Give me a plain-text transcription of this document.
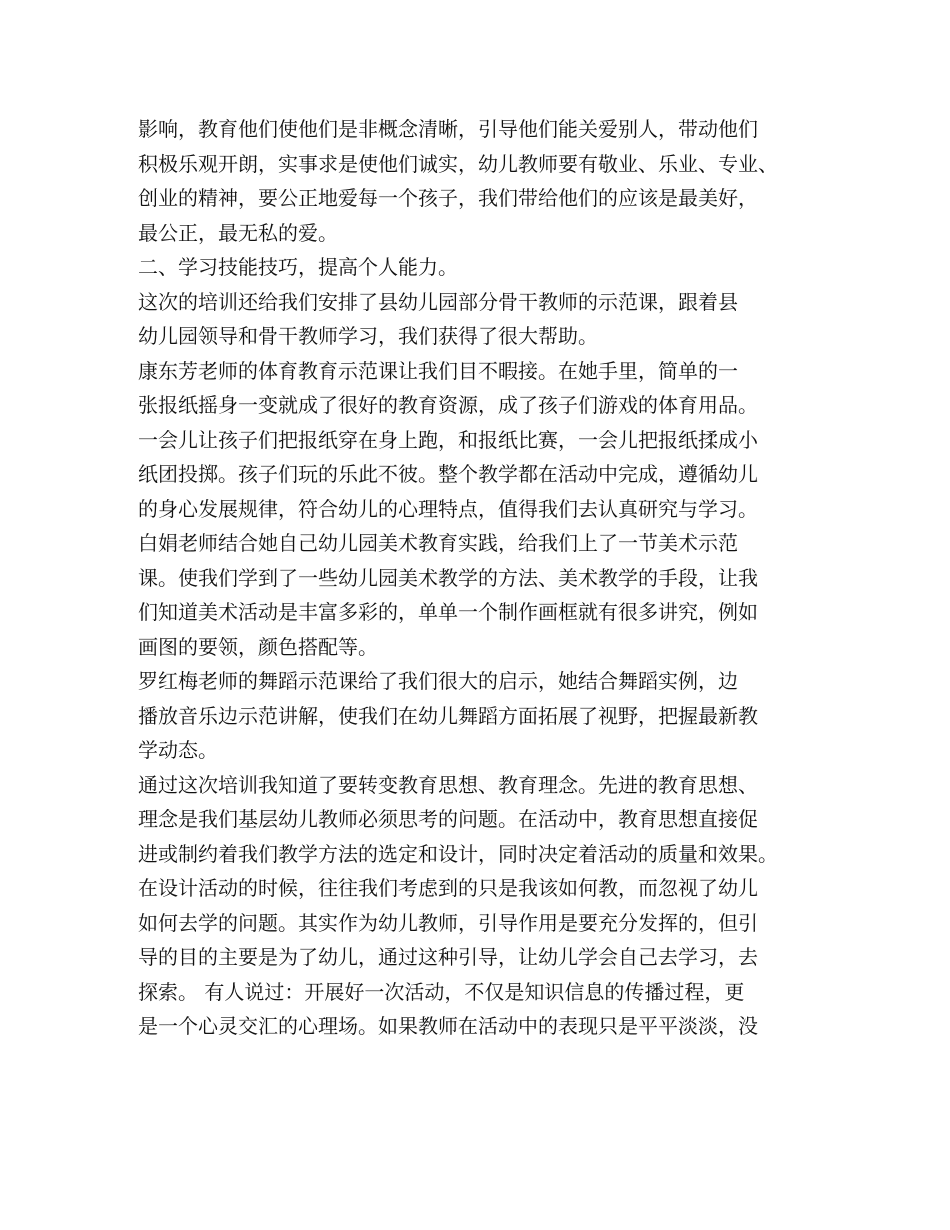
影响，教育他们使他们是非概念清晰，引导他们能关爱别人，带动他们
积极乐观开朗，实事求是使他们诚实，幼儿教师要有敬业、乐业、专业、
创业的精神，要公正地爱每一个孩子，我们带给他们的应该是最美好，
最公正，最无私的爱。
二、学习技能技巧，提高个人能力。
这次的培训还给我们安排了县幼儿园部分骨干教师的示范课，跟着县
幼儿园领导和骨干教师学习，我们获得了很大帮助。
康东芳老师的体育教育示范课让我们目不暇接。在她手里，简单的一
张报纸摇身一变就成了很好的教育资源，成了孩子们游戏的体育用品。
一会儿让孩子们把报纸穿在身上跑，和报纸比赛，一会儿把报纸揉成小
纸团投掷。孩子们玩的乐此不彼。整个教学都在活动中完成，遵循幼儿
的身心发展规律，符合幼儿的心理特点，值得我们去认真研究与学习。
白娟老师结合她自己幼儿园美术教育实践，给我们上了一节美术示范
课。使我们学到了一些幼儿园美术教学的方法、美术教学的手段，让我
们知道美术活动是丰富多彩的，单单一个制作画框就有很多讲究，例如
画图的要领，颜色搭配等。
罗红梅老师的舞蹈示范课给了我们很大的启示，她结合舞蹈实例，边
播放音乐边示范讲解，使我们在幼儿舞蹈方面拓展了视野，把握最新教
学动态。
通过这次培训我知道了要转变教育思想、教育理念。先进的教育思想、
理念是我们基层幼儿教师必须思考的问题。在活动中，教育思想直接促
进或制约着我们教学方法的选定和设计，同时决定着活动的质量和效果。
在设计活动的时候，往往我们考虑到的只是我该如何教，而忽视了幼儿
如何去学的问题。其实作为幼儿教师，引导作用是要充分发挥的，但引
导的目的主要是为了幼儿，通过这种引导，让幼儿学会自己去学习，去
探索。 有人说过：开展好一次活动，不仅是知识信息的传播过程，更
是一个心灵交汇的心理场。如果教师在活动中的表现只是平平淡淡，没
